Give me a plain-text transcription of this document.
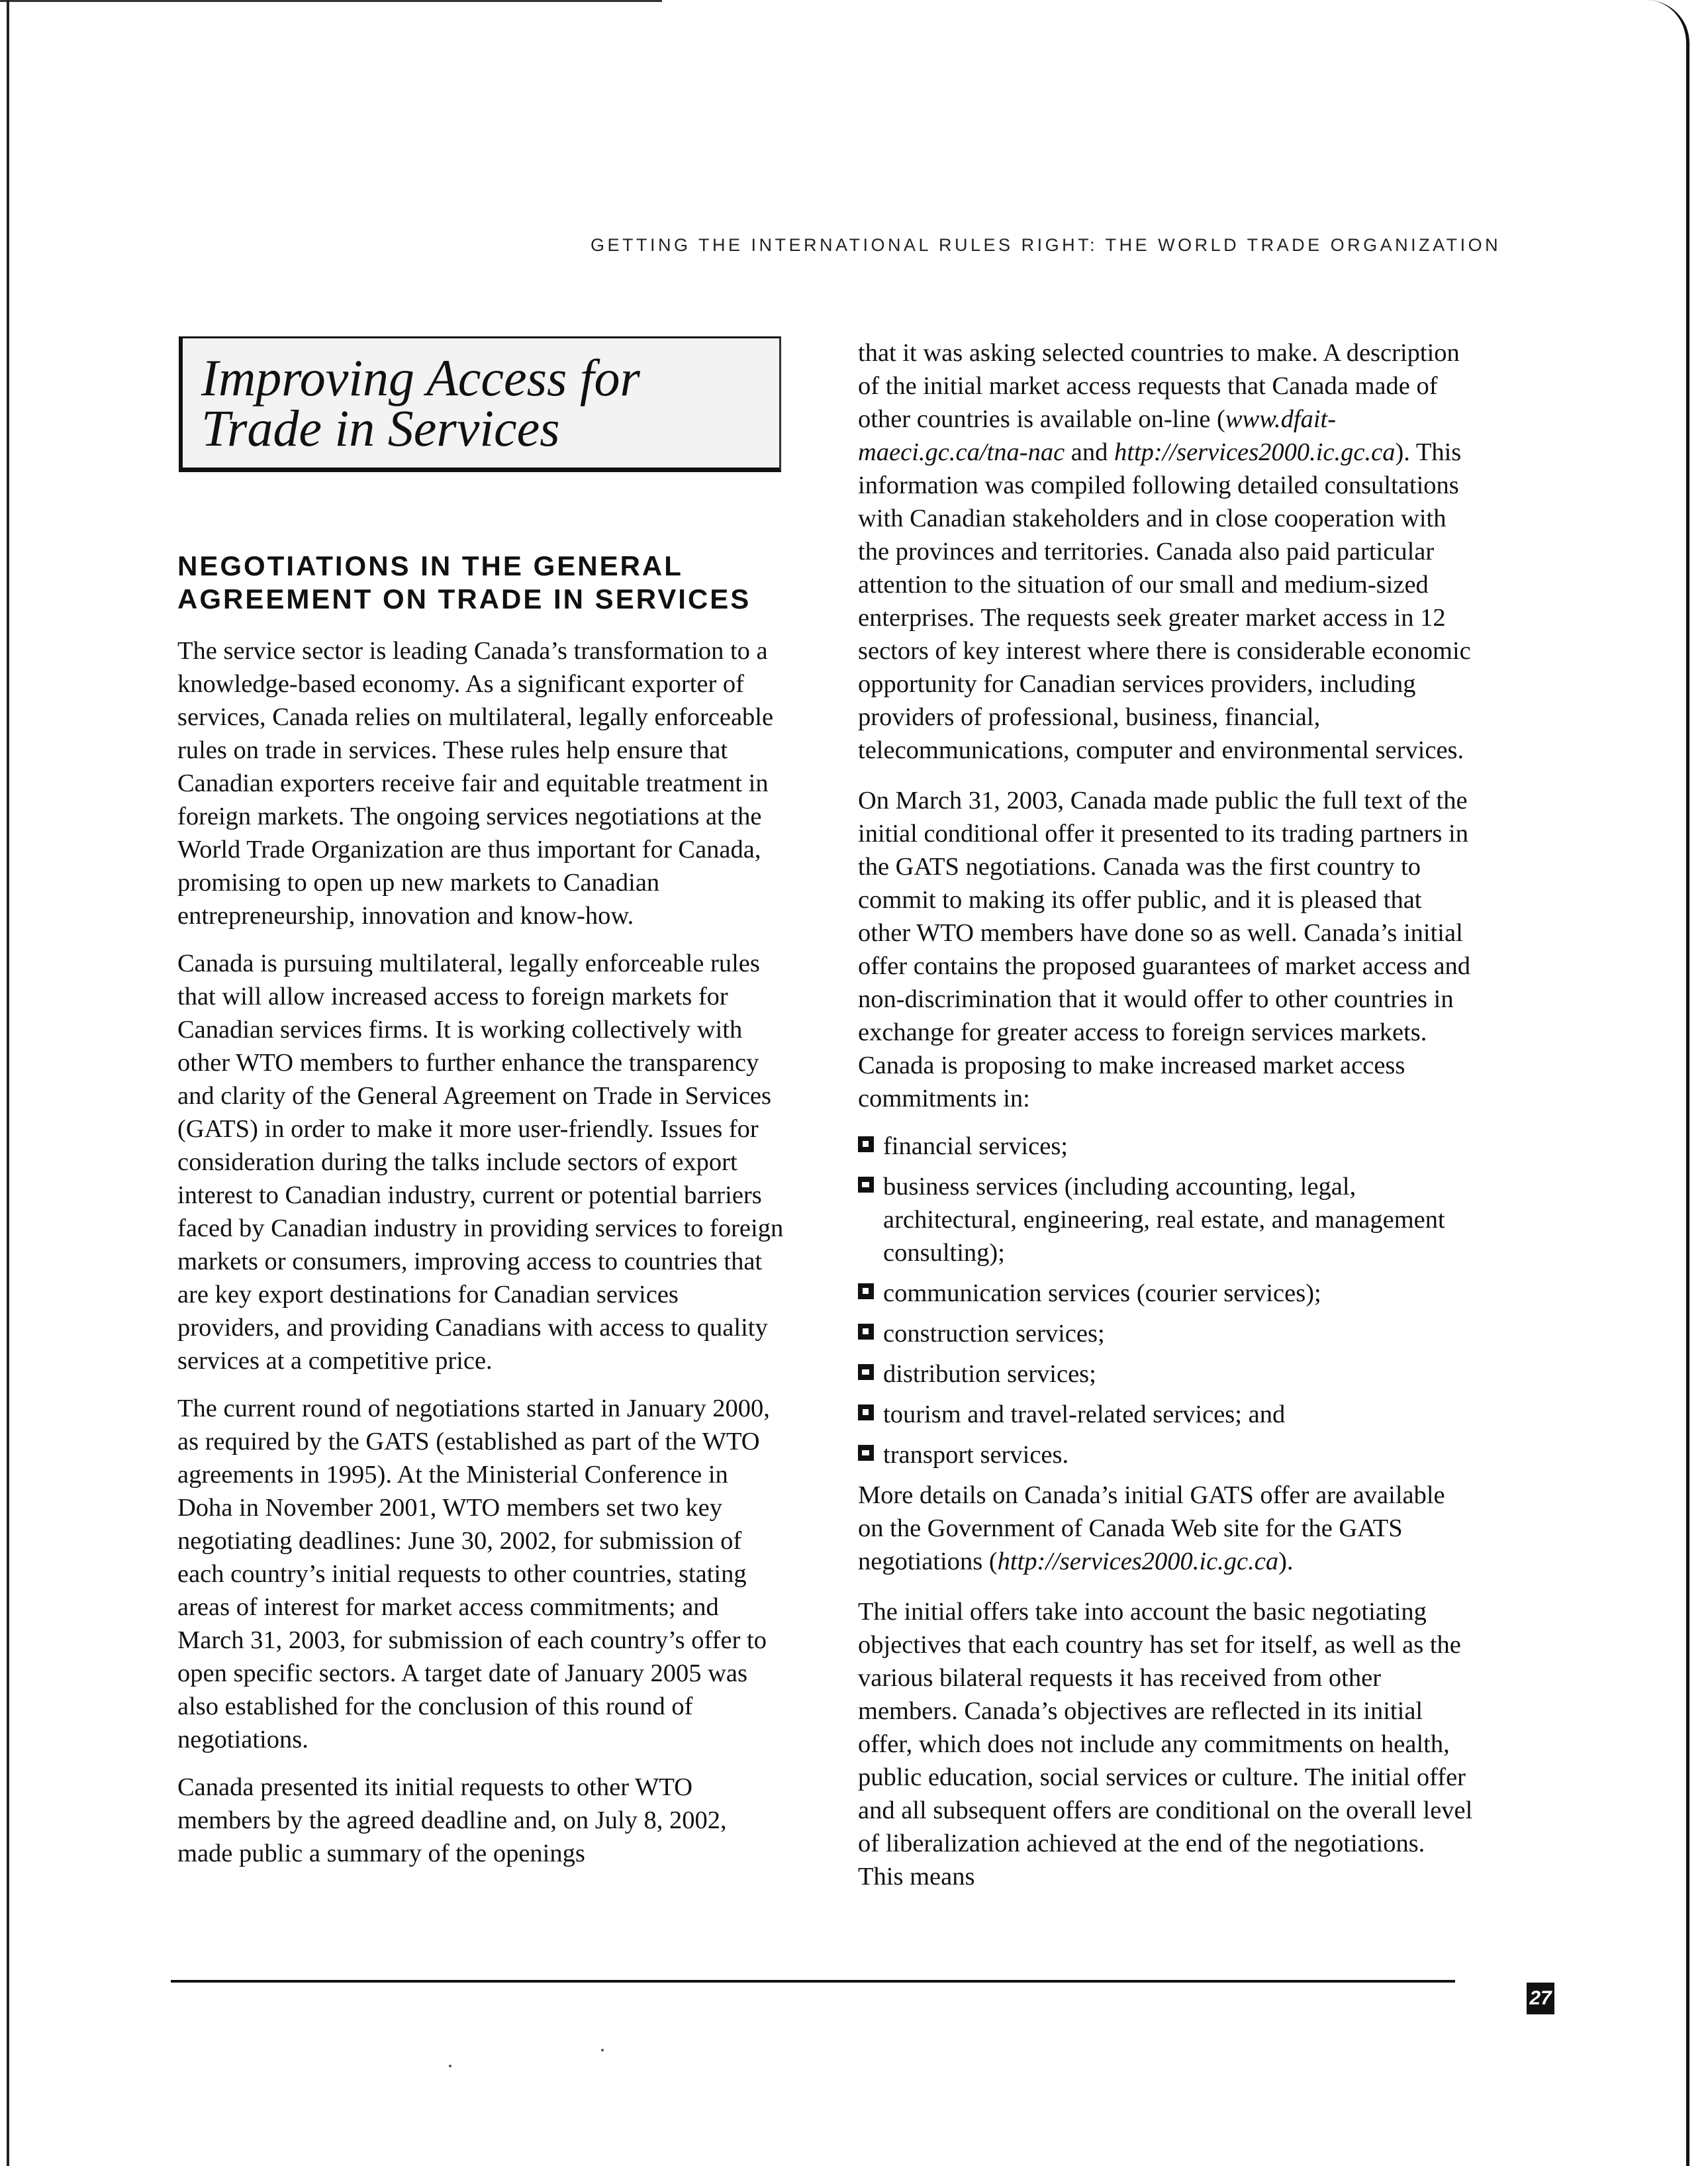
GETTING THE INTERNATIONAL RULES RIGHT: THE WORLD TRADE ORGANIZATION
Improving Access for
Trade in Services
NEGOTIATIONS IN THE GENERAL
AGREEMENT ON TRADE IN SERVICES

The service sector is leading Canada’s transformation to a knowledge-based economy. As a significant exporter of services, Canada relies on multilateral, legally enforceable rules on trade in services. These rules help ensure that Canadian exporters receive fair and equitable treatment in foreign markets. The ongoing services negotiations at the World Trade Organization are thus important for Canada, promising to open up new markets to Canadian entrepreneurship, innovation and know-how.

Canada is pursuing multilateral, legally enforceable rules that will allow increased access to foreign markets for Canadian services firms. It is working collectively with other WTO members to further enhance the transparency and clarity of the General Agreement on Trade in Services (GATS) in order to make it more user-friendly. Issues for consideration during the talks include sectors of export interest to Canadian industry, current or potential barriers faced by Canadian industry in providing services to foreign markets or consumers, improving access to countries that are key export destinations for Canadian services providers, and providing Canadians with access to quality services at a competitive price.

The current round of negotiations started in January 2000, as required by the GATS (established as part of the WTO agreements in 1995). At the Ministerial Conference in Doha in November 2001, WTO members set two key negotiating deadlines: June 30, 2002, for submission of each country’s initial requests to other countries, stating areas of interest for market access commitments; and March 31, 2003, for submission of each country’s offer to open specific sectors. A target date of January 2005 was also established for the conclusion of this round of negotiations.

Canada presented its initial requests to other WTO members by the agreed deadline and, on July 8, 2002, made public a summary of the openings

that it was asking selected countries to make. A description of the initial market access requests that Canada made of other countries is available on-line (www.dfait-maeci.gc.ca/tna-nac and http://services2000.ic.gc.ca). This information was compiled following detailed consultations with Canadian stakeholders and in close cooperation with the provinces and territories. Canada also paid particular attention to the situation of our small and medium-sized enterprises. The requests seek greater market access in 12 sectors of key interest where there is considerable economic opportunity for Canadian services providers, including providers of professional, business, financial, telecommunications, computer and environmental services.

On March 31, 2003, Canada made public the full text of the initial conditional offer it presented to its trading partners in the GATS negotiations. Canada was the first country to commit to making its offer public, and it is pleased that other WTO members have done so as well. Canada’s initial offer contains the proposed guarantees of market access and non-discrimination that it would offer to other countries in exchange for greater access to foreign services markets. Canada is proposing to make increased market access commitments in:

financial services;
business services (including accounting, legal, architectural, engineering, real estate, and management consulting);
communication services (courier services);
construction services;
distribution services;
tourism and travel-related services; and
transport services.

More details on Canada’s initial GATS offer are available on the Government of Canada Web site for the GATS negotiations (http://services2000.ic.gc.ca).

The initial offers take into account the basic negotiating objectives that each country has set for itself, as well as the various bilateral requests it has received from other members. Canada’s objectives are reflected in its initial offer, which does not include any commitments on health, public education, social services or culture. The initial offer and all subsequent offers are conditional on the overall level of liberalization achieved at the end of the negotiations. This means

27
